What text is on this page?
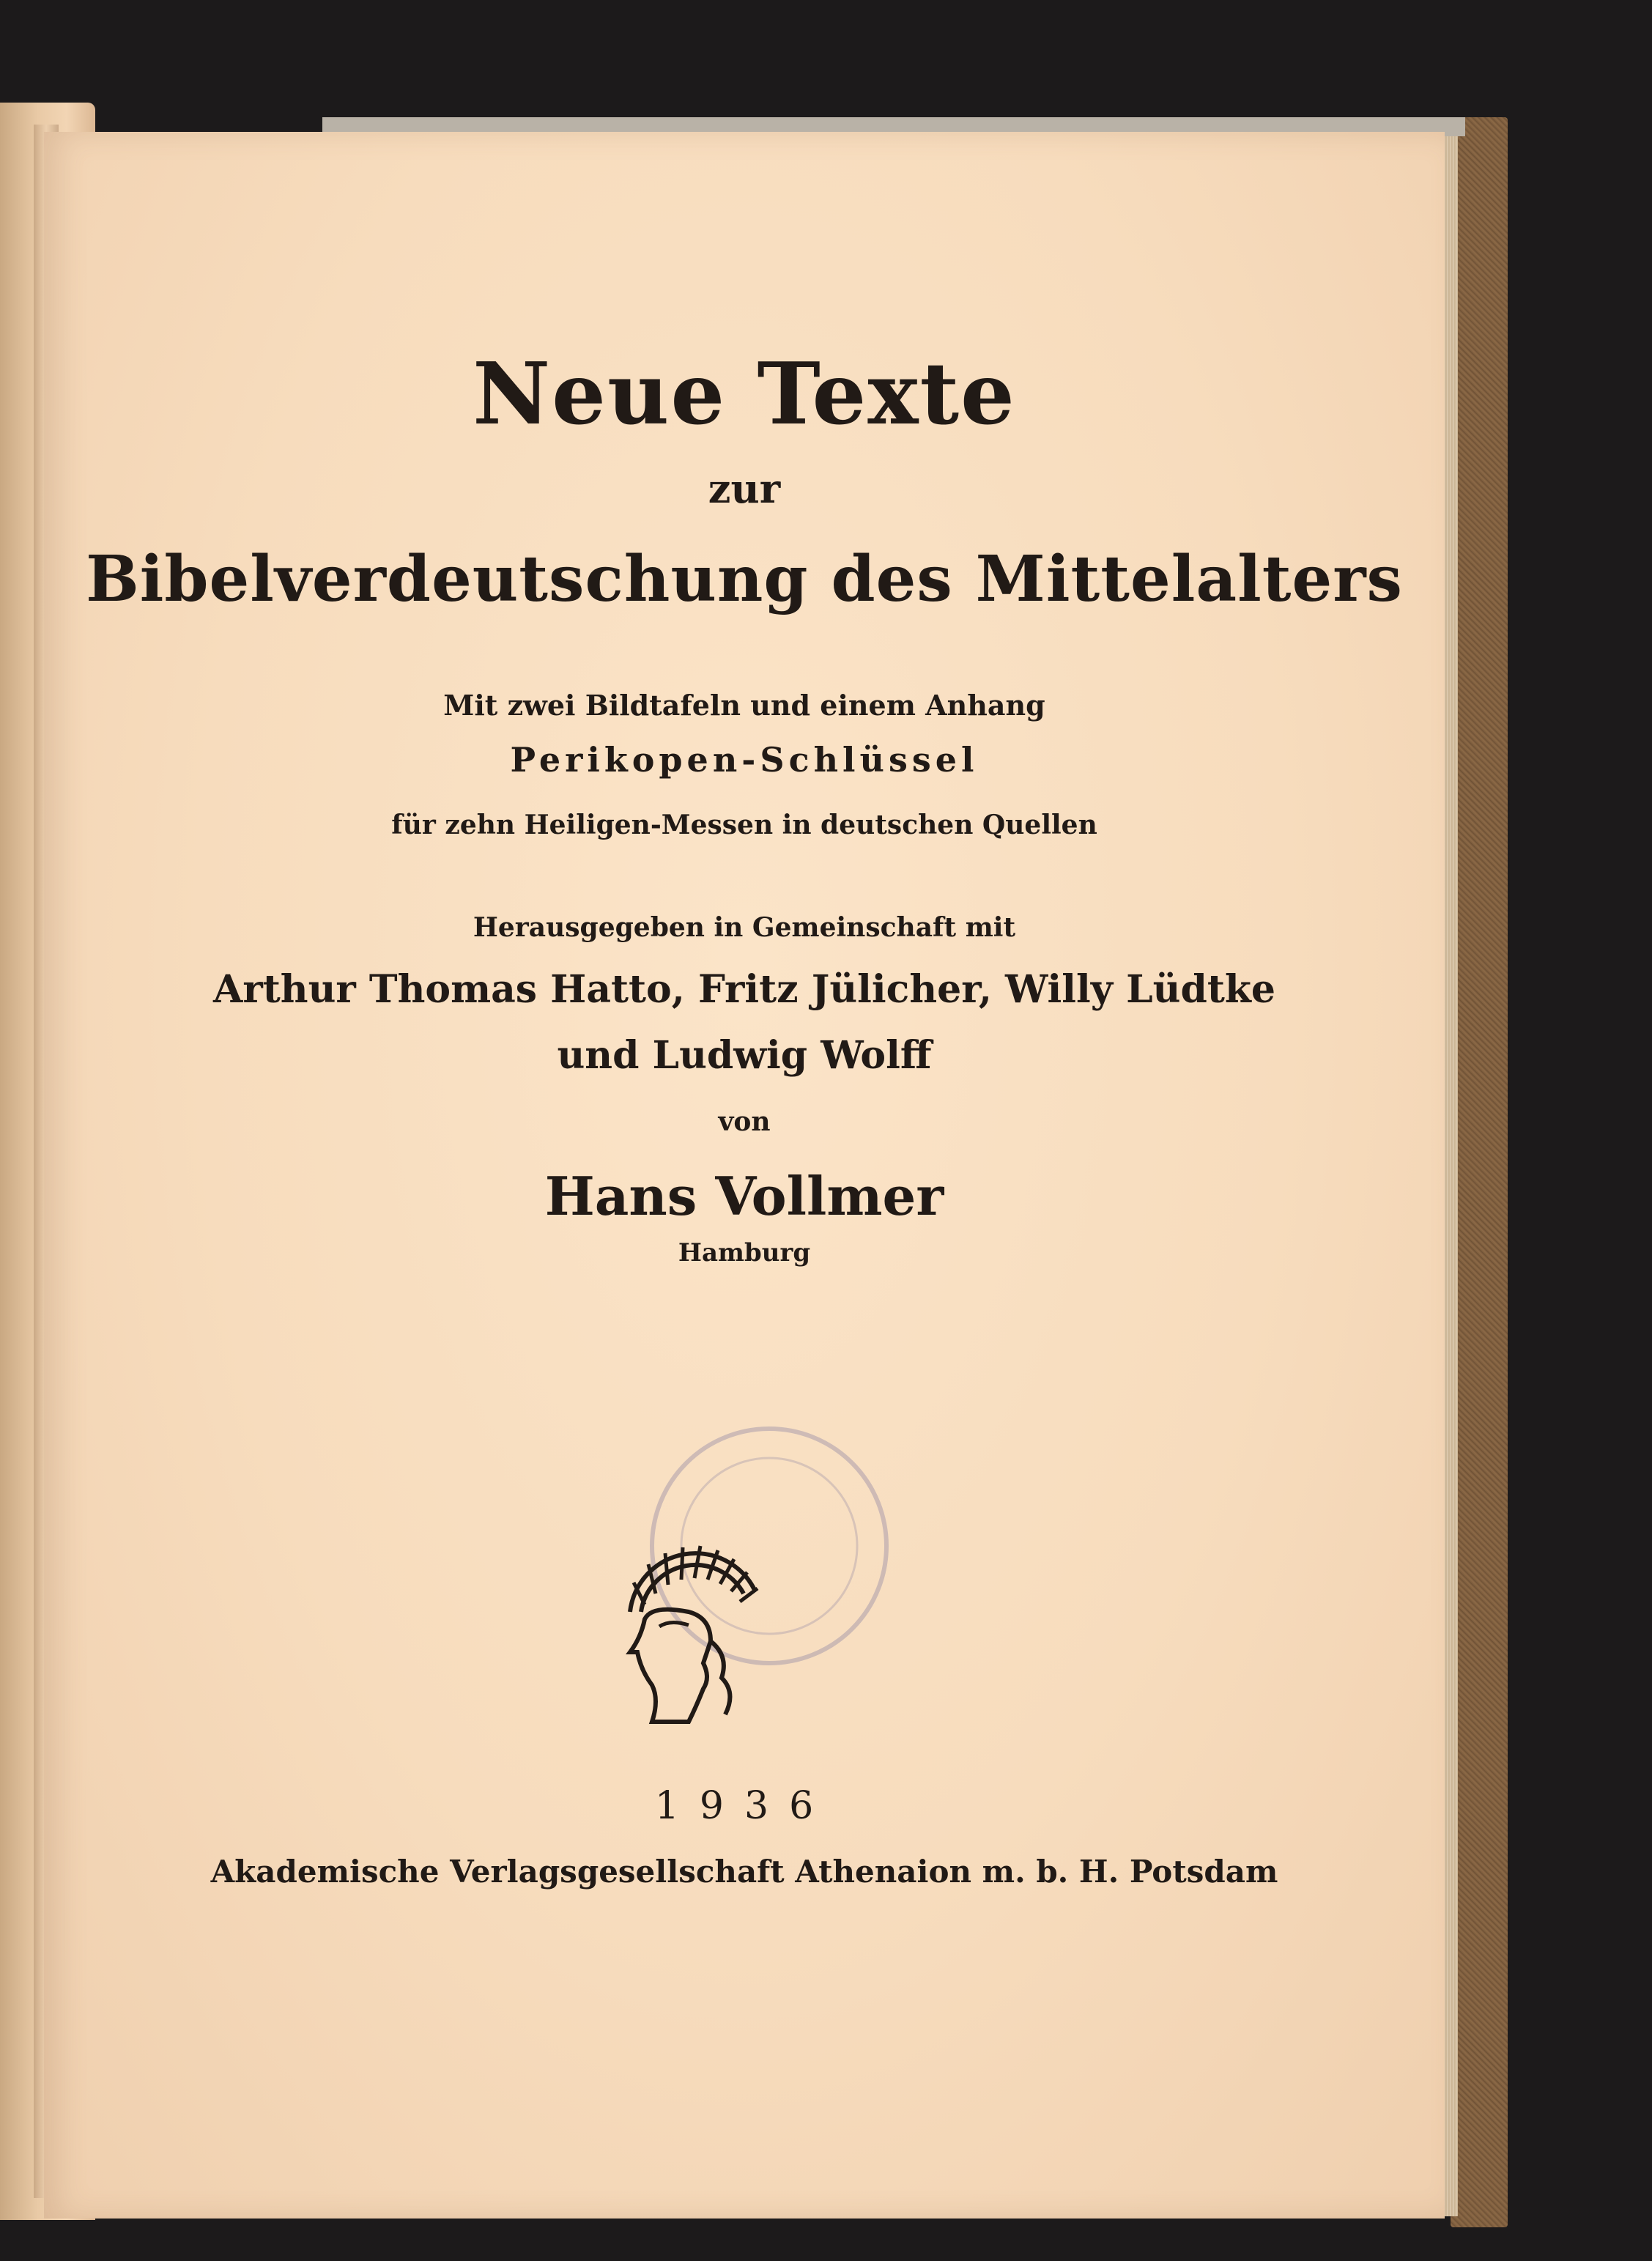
Neue Texte
zur
Bibelverdeutschung des Mittelalters
Mit zwei Bildtafeln und einem Anhang
Perikopen-Schlüssel
für zehn Heiligen-Messen in deutschen Quellen
Herausgegeben in Gemeinschaft mit
Arthur Thomas Hatto, Fritz Jülicher, Willy Lüdtke
und Ludwig Wolff
von
Hans Vollmer
Hamburg
1936
Akademische Verlagsgesellschaft Athenaion m. b. H. Potsdam
